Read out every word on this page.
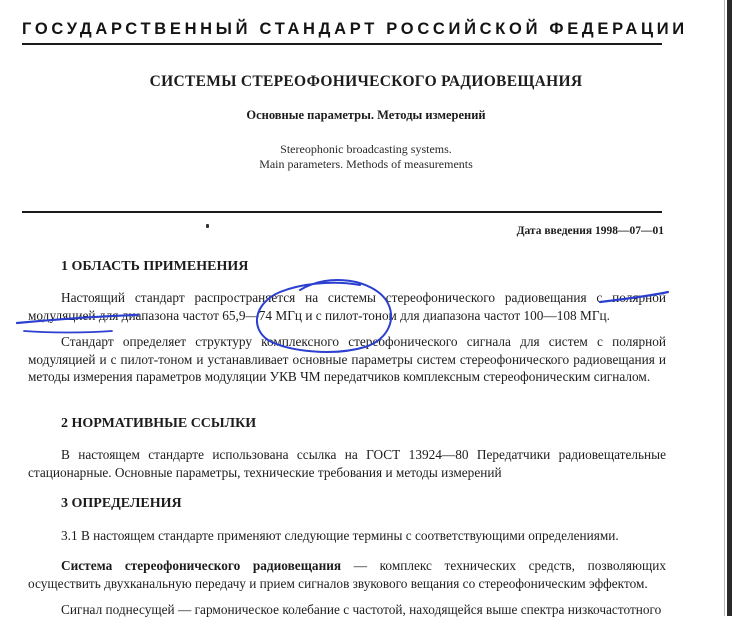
ГОСУДАРСТВЕННЫЙ СТАНДАРТ РОССИЙСКОЙ ФЕДЕРАЦИИ
СИСТЕМЫ СТЕРЕОФОНИЧЕСКОГО РАДИОВЕЩАНИЯ
Основные параметры. Методы измерений
Stereophonic broadcasting systems.
Main parameters. Methods of measurements
Дата введения 1998—07—01
1 ОБЛАСТЬ ПРИМЕНЕНИЯ
Настоящий стандарт распространяется на системы стереофонического радиовещания с полярной модуляцией для диапазона частот 65,9—74 МГц и с пилот-тоном для диапазона частот 100—108 МГц.
Стандарт определяет структуру комплексного стереофонического сигнала для систем с полярной модуляцией и с пилот-тоном и устанавливает основные параметры систем стереофонического радиовещания и методы измерения параметров модуляции УКВ ЧМ передатчиков комплексным стереофоническим сигналом.
2 НОРМАТИВНЫЕ ССЫЛКИ
В настоящем стандарте использована ссылка на ГОСТ 13924—80 Передатчики радиовещательные стационарные. Основные параметры, технические требования и методы измерений
3 ОПРЕДЕЛЕНИЯ
3.1 В настоящем стандарте применяют следующие термины с соответствующими определениями.
Система стереофонического радиовещания — комплекс технических средств, позволяющих осуществить двухканальную передачу и прием сигналов звукового вещания со стереофоническим эффектом.
Сигнал поднесущей — гармоническое колебание с частотой, находящейся выше спектра низкочастотного
